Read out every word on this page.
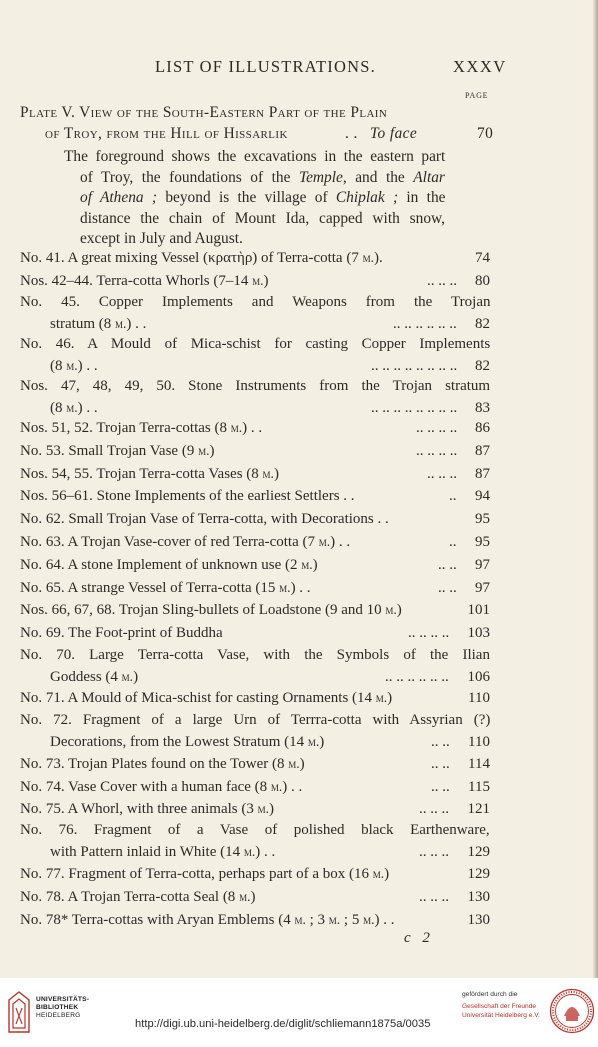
LIST OF ILLUSTRATIONS.	XXXV
PAGE
Plate V. View of the South-Eastern Part of the Plain
of Troy, from the Hill of Hissarlik	. . To face	70
The foreground shows the excavations in the eastern part
of Troy, the foundations of the Temple, and the Altar
of Athena ; beyond is the village of Chiplak ; in the
distance the chain of Mount Ida, capped with snow,
except in July and August.
No. 41. A great mixing Vessel (κρατὴρ) of Terra-cotta (7 m.).	74
Nos. 42–44. Terra-cotta Whorls (7–14 m.)	80
.. .. ..
No. 45. Copper Implements and Weapons from the Trojan
stratum (8 m.) . .	82
.. .. .. .. .. ..
No. 46. A Mould of Mica-schist for casting Copper Implements
(8 m.) . .	82
.. .. .. .. .. .. .. ..
Nos. 47, 48, 49, 50. Stone Instruments from the Trojan stratum
(8 m.) . .	83
.. .. .. .. .. .. .. ..
Nos. 51, 52. Trojan Terra-cottas (8 m.) . .	86
.. .. .. ..
No. 53. Small Trojan Vase (9 m.)	87
.. .. .. ..
Nos. 54, 55. Trojan Terra-cotta Vases (8 m.)	87
.. .. ..
Nos. 56–61. Stone Implements of the earliest Settlers . .	94
..
No. 62. Small Trojan Vase of Terra-cotta, with Decorations . .	95
No. 63. A Trojan Vase-cover of red Terra-cotta (7 m.) . .	95
..
No. 64. A stone Implement of unknown use (2 m.)	97
.. ..
No. 65. A strange Vessel of Terra-cotta (15 m.) . .	97
.. ..
Nos. 66, 67, 68. Trojan Sling-bullets of Loadstone (9 and 10 m.)	101
No. 69. The Foot-print of Buddha	103
.. .. .. ..
No. 70. Large Terra-cotta Vase, with the Symbols of the Ilian
Goddess (4 m.)	106
.. .. .. .. .. ..
No. 71. A Mould of Mica-schist for casting Ornaments (14 m.)	110
No. 72. Fragment of a large Urn of Terrra-cotta with Assyrian (?)
Decorations, from the Lowest Stratum (14 m.)	110
.. ..
No. 73. Trojan Plates found on the Tower (8 m.)	114
.. ..
No. 74. Vase Cover with a human face (8 m.) . .	115
.. ..
No. 75. A Whorl, with three animals (3 m.)	121
.. .. ..
No. 76. Fragment of a Vase of polished black Earthenware,
with Pattern inlaid in White (14 m.) . .	129
.. .. ..
No. 77. Fragment of Terra-cotta, perhaps part of a box (16 m.)	129
No. 78. A Trojan Terra-cotta Seal (8 m.)	130
.. .. ..
No. 78* Terra-cottas with Aryan Emblems (4 m. ; 3 m. ; 5 m.) . .	130
c 2
UNIVERSITÄTS-
BIBLIOTHEK
HEIDELBERG
http://digi.ub.uni-heidelberg.de/diglit/schliemann1875a/0035
gefördert durch die
Gesellschaft der Freunde
Universität Heidelberg e.V.
